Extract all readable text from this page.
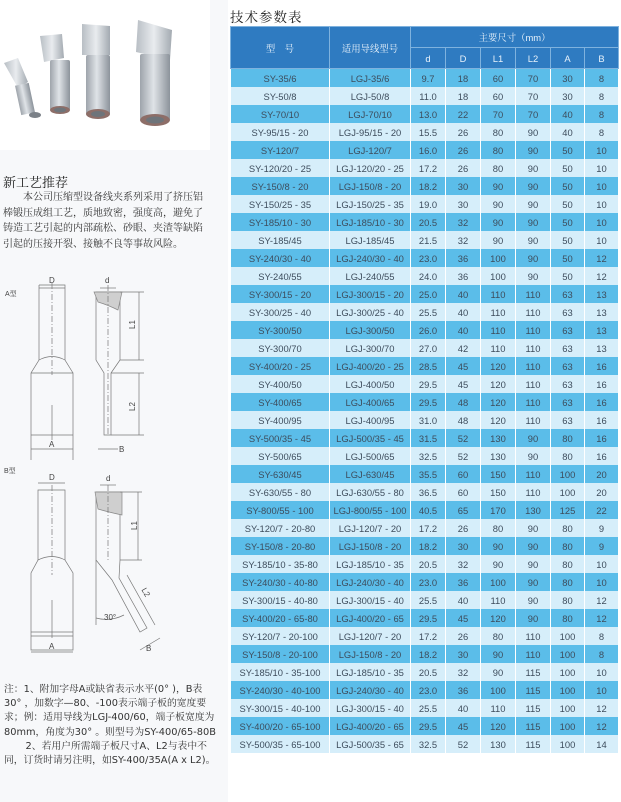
新工艺推荐

本公司压缩型设备线夹系列采用了挤压铝棒锻压成组工艺，质地致密，强度高，避免了铸造工艺引起的内部疏松、砂眼、夹渣等缺陷引起的压接开裂、接触不良等事故风险。

A型
D
A
d
L1
L2
B
B型
D
A
d
L1
L2
30°
B

注：1、附加字母A或缺省表示水平(0° )，B表30° ，加数字—80、-100表示端子板的宽度要求；例：适用导线为LGJ-400/60，端子板宽度为80mm，角度为30° 。则型号为SY-400/65-80B

2、若用户所需端子板尺寸A、L2与表中不同，订货时请另注明，如SY-400/35A(A x L2)。

技术参数表
型　号	适用导线型号	主要尺寸（mm）					
		d	D	L1	L2	A	B
SY-35/6	LGJ-35/6	9.7	18	60	70	30	8
SY-50/8	LGJ-50/8	11.0	18	60	70	30	8
SY-70/10	LGJ-70/10	13.0	22	70	70	40	8
SY-95/15 - 20	LGJ-95/15 - 20	15.5	26	80	90	40	8
SY-120/7	LGJ-120/7	16.0	26	80	90	50	10
SY-120/20 - 25	LGJ-120/20 - 25	17.2	26	80	90	50	10
SY-150/8 - 20	LGJ-150/8 - 20	18.2	30	90	90	50	10
SY-150/25 - 35	LGJ-150/25 - 35	19.0	30	90	90	50	10
SY-185/10 - 30	LGJ-185/10 - 30	20.5	32	90	90	50	10
SY-185/45	LGJ-185/45	21.5	32	90	90	50	10
SY-240/30 - 40	LGJ-240/30 - 40	23.0	36	100	90	50	12
SY-240/55	LGJ-240/55	24.0	36	100	90	50	12
SY-300/15 - 20	LGJ-300/15 - 20	25.0	40	110	110	63	13
SY-300/25 - 40	LGJ-300/25 - 40	25.5	40	110	110	63	13
SY-300/50	LGJ-300/50	26.0	40	110	110	63	13
SY-300/70	LGJ-300/70	27.0	42	110	110	63	13
SY-400/20 - 25	LGJ-400/20 - 25	28.5	45	120	110	63	16
SY-400/50	LGJ-400/50	29.5	45	120	110	63	16
SY-400/65	LGJ-400/65	29.5	48	120	110	63	16
SY-400/95	LGJ-400/95	31.0	48	120	110	63	16
SY-500/35 - 45	LGJ-500/35 - 45	31.5	52	130	90	80	16
SY-500/65	LGJ-500/65	32.5	52	130	90	80	16
SY-630/45	LGJ-630/45	35.5	60	150	110	100	20
SY-630/55 - 80	LGJ-630/55 - 80	36.5	60	150	110	100	20
SY-800/55 - 100	LGJ-800/55 - 100	40.5	65	170	130	125	22
SY-120/7 - 20-80	LGJ-120/7 - 20	17.2	26	80	90	80	9
SY-150/8 - 20-80	LGJ-150/8 - 20	18.2	30	90	90	80	9
SY-185/10 - 35-80	LGJ-185/10 - 35	20.5	32	90	90	80	10
SY-240/30 - 40-80	LGJ-240/30 - 40	23.0	36	100	90	80	10
SY-300/15 - 40-80	LGJ-300/15 - 40	25.5	40	110	90	80	12
SY-400/20 - 65-80	LGJ-400/20 - 65	29.5	45	120	90	80	12
SY-120/7 - 20-100	LGJ-120/7 - 20	17.2	26	80	110	100	8
SY-150/8 - 20-100	LGJ-150/8 - 20	18.2	30	90	110	100	8
SY-185/10 - 35-100	LGJ-185/10 - 35	20.5	32	90	115	100	10
SY-240/30 - 40-100	LGJ-240/30 - 40	23.0	36	100	115	100	10
SY-300/15 - 40-100	LGJ-300/15 - 40	25.5	40	110	115	100	12
SY-400/20 - 65-100	LGJ-400/20 - 65	29.5	45	120	115	100	12
SY-500/35 - 65-100	LGJ-500/35 - 65	32.5	52	130	115	100	14
